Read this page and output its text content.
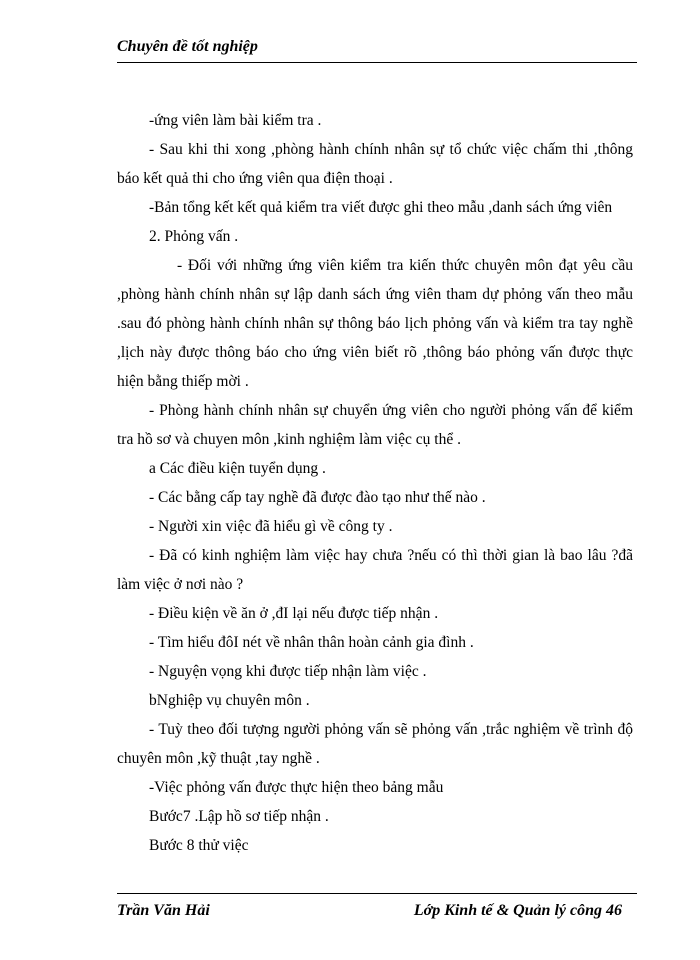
Chuyên đề tốt nghiệp

-ứng viên làm bài kiểm tra .

- Sau khi thi xong ,phòng hành chính nhân sự tổ chức việc chấm thi ,thông báo kết quả thi cho ứng viên qua điện thoại .

-Bản tổng kết kết quả kiểm tra viết được ghi theo mẫu ,danh sách ứng viên

2. Phỏng vấn .

- Đối với những ứng viên kiểm tra kiến thức chuyên môn đạt yêu cầu ,phòng hành chính nhân sự lập danh sách ứng viên tham dự phỏng vấn theo mẫu .sau đó phòng hành chính nhân sự thông báo lịch phỏng vấn và kiểm tra tay nghề ,lịch này được thông báo cho ứng viên biết rõ ,thông báo phỏng vấn được thực hiện bằng thiếp mời .

- Phòng hành chính nhân sự chuyển ứng viên cho người phỏng vấn để kiểm tra hồ sơ và chuyen môn ,kinh nghiệm làm việc cụ thể .

a Các điều kiện tuyển dụng .

- Các bằng cấp tay nghề đã được đào tạo như thế nào .

- Người xin việc đã hiểu gì về công ty .

- Đã có kinh nghiệm làm việc hay chưa ?nếu có thì thời gian là bao lâu ?đã làm việc ở nơi nào ?

- Điều kiện về ăn ở ,đI lại nếu được tiếp nhận .

- Tìm hiểu đôI nét về nhân thân hoàn cảnh gia đình .

- Nguyện vọng khi được tiếp nhận làm việc .

bNghiệp vụ chuyên môn .

- Tuỳ theo đối tượng người phỏng vấn sẽ phỏng vấn ,trắc nghiệm về trình độ chuyên môn ,kỹ thuật ,tay nghề .

-Việc phỏng vấn được thực hiện theo bảng mẫu

Bước7 .Lập hồ sơ tiếp nhận .

Bước 8 thử việc

Trần Văn Hải	Lớp Kinh tế & Quản lý công 46
